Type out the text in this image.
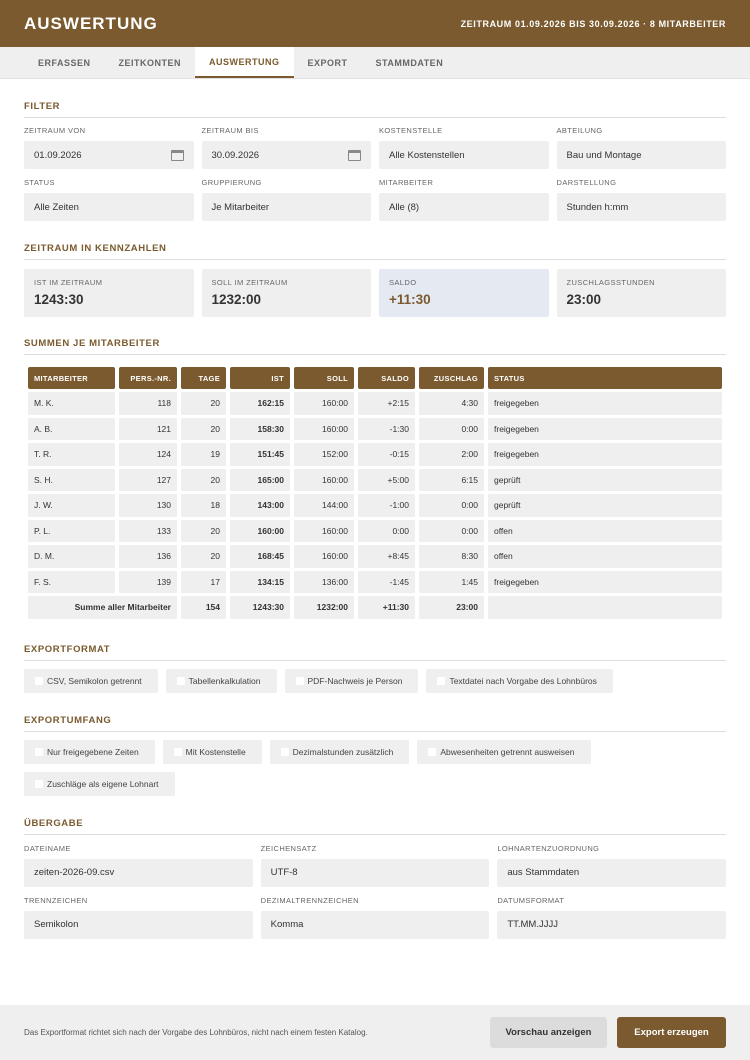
AUSWERTUNG	ZEITRAUM 01.09.2026 BIS 30.09.2026 · 8 MITARBEITER
ERFASSEN	ZEITKONTEN	AUSWERTUNG	EXPORT	STAMMDATEN
FILTER
ZEITRAUM VON
01.09.2026
ZEITRAUM BIS
30.09.2026
KOSTENSTELLE
Alle Kostenstellen
ABTEILUNG
Bau und Montage
STATUS
Alle Zeiten
GRUPPIERUNG
Je Mitarbeiter
MITARBEITER
Alle (8)
DARSTELLUNG
Stunden h:mm
ZEITRAUM IN KENNZAHLEN
IST IM ZEITRAUM
1243:30
SOLL IM ZEITRAUM
1232:00
SALDO
+11:30
ZUSCHLAGSSTUNDEN
23:00
SUMMEN JE MITARBEITER
MITARBEITER	PERS.-NR.	TAGE	IST	SOLL	SALDO	ZUSCHLAG	STATUS
M. K.	118	20	162:15	160:00	+2:15	4:30	freigegeben
A. B.	121	20	158:30	160:00	-1:30	0:00	freigegeben
T. R.	124	19	151:45	152:00	-0:15	2:00	freigegeben
S. H.	127	20	165:00	160:00	+5:00	6:15	geprüft
J. W.	130	18	143:00	144:00	-1:00	0:00	geprüft
P. L.	133	20	160:00	160:00	0:00	0:00	offen
D. M.	136	20	168:45	160:00	+8:45	8:30	offen
F. S.	139	17	134:15	136:00	-1:45	1:45	freigegeben
Summe aller Mitarbeiter	154	1243:30	1232:00	+11:30	23:00
EXPORTFORMAT
CSV, Semikolon getrennt	Tabellenkalkulation	PDF-Nachweis je Person	Textdatei nach Vorgabe des Lohnbüros
EXPORTUMFANG
Nur freigegebene Zeiten	Mit Kostenstelle	Dezimalstunden zusätzlich	Abwesenheiten getrennt ausweisen
Zuschläge als eigene Lohnart
ÜBERGABE
DATEINAME
zeiten-2026-09.csv
ZEICHENSATZ
UTF-8
LOHNARTENZUORDNUNG
aus Stammdaten
TRENNZEICHEN
Semikolon
DEZIMALTRENNZEICHEN
Komma
DATUMSFORMAT
TT.MM.JJJJ
Das Exportformat richtet sich nach der Vorgabe des Lohnbüros, nicht nach einem festen Katalog.	Vorschau anzeigen	Export erzeugen
